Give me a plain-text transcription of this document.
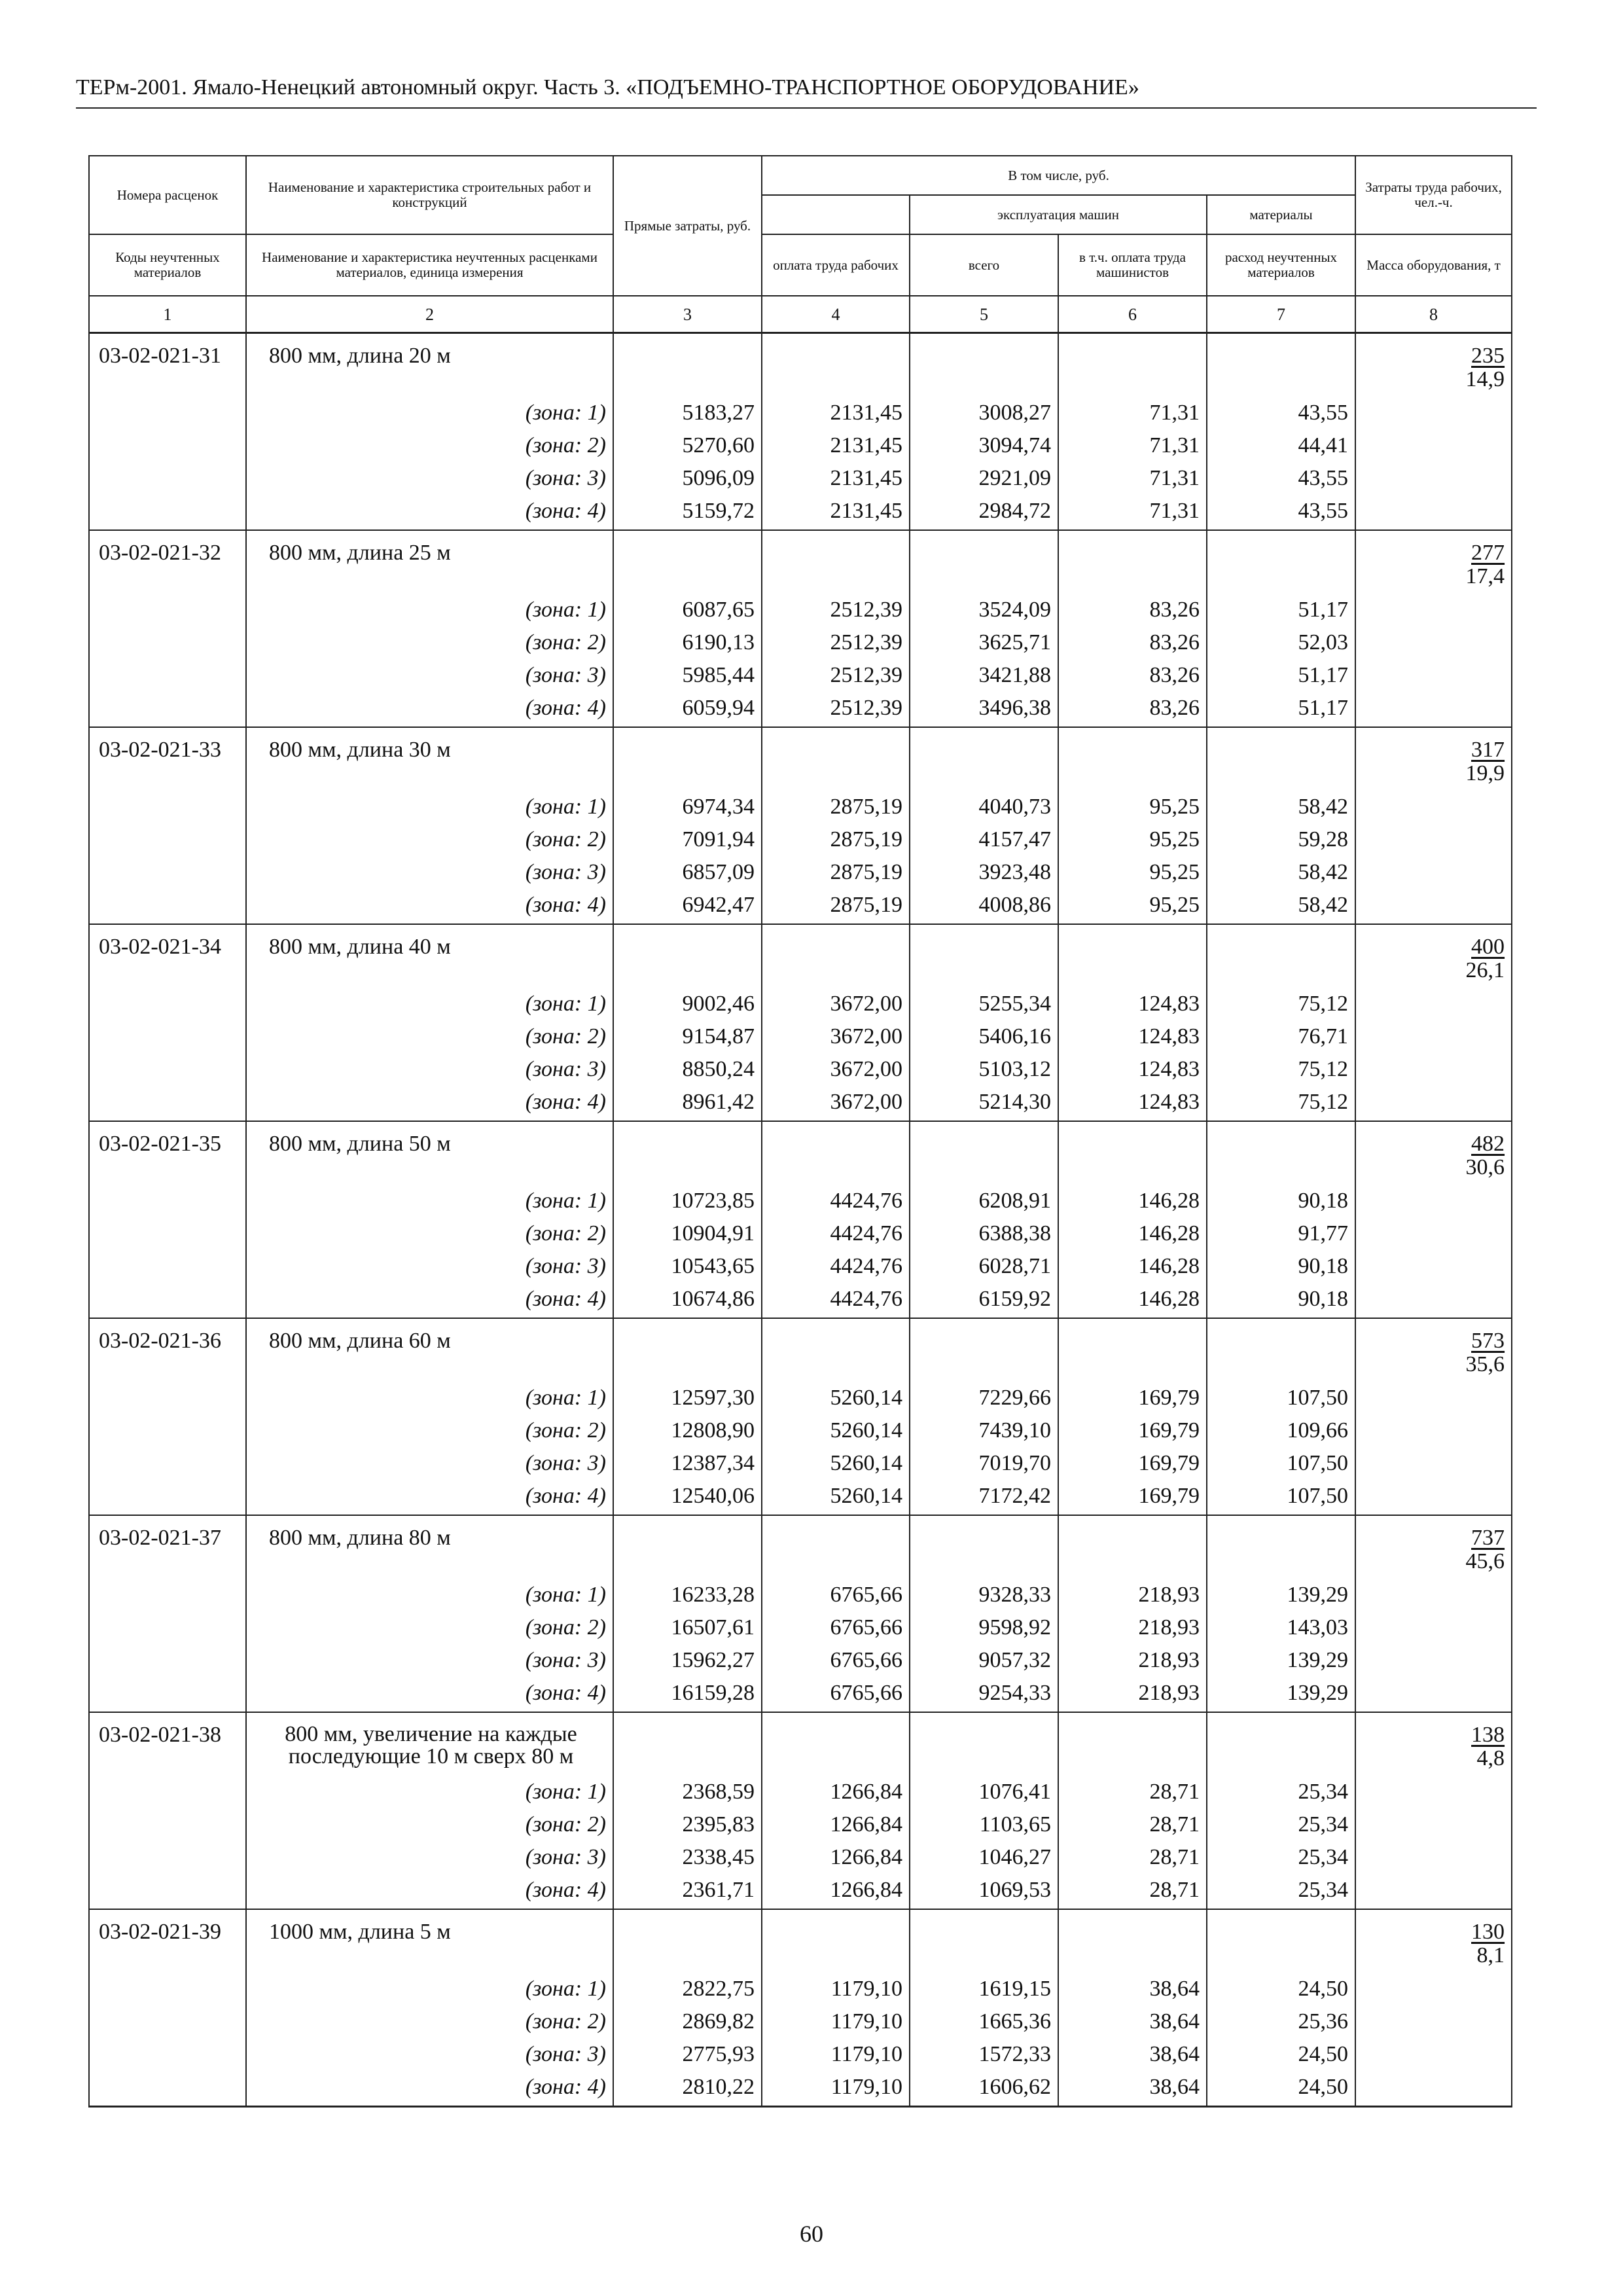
ТЕРм-2001. Ямало-Ненецкий автономный округ. Часть 3. «ПОДЪЕМНО-ТРАНСПОРТНОЕ ОБОРУДОВАНИЕ»
Номера расценок	Наименование и характеристика строительных работ и конструкций	Прямые затраты, руб.	В том числе, руб.				Затраты труда рабочих, чел.-ч.
				эксплуатация машин		материалы	
Коды неучтенных материалов	Наименование и характеристика неучтенных расценками материалов, единица измерения		оплата труда рабочих	всего	в т.ч. оплата труда машинистов	расход неучтенных материалов	Масса оборудования, т
1	2	3	4	5	6	7	8
03-02-021-31	800 мм, длина 20 м						235
14,9

	(зона: 1)	5183,27	2131,45	3008,27	71,31	43,55	
	(зона: 2)	5270,60	2131,45	3094,74	71,31	44,41	
	(зона: 3)	5096,09	2131,45	2921,09	71,31	43,55	
	(зона: 4)	5159,72	2131,45	2984,72	71,31	43,55	
03-02-021-32	800 мм, длина 25 м						277
17,4

	(зона: 1)	6087,65	2512,39	3524,09	83,26	51,17	
	(зона: 2)	6190,13	2512,39	3625,71	83,26	52,03	
	(зона: 3)	5985,44	2512,39	3421,88	83,26	51,17	
	(зона: 4)	6059,94	2512,39	3496,38	83,26	51,17	
03-02-021-33	800 мм, длина 30 м						317
19,9

	(зона: 1)	6974,34	2875,19	4040,73	95,25	58,42	
	(зона: 2)	7091,94	2875,19	4157,47	95,25	59,28	
	(зона: 3)	6857,09	2875,19	3923,48	95,25	58,42	
	(зона: 4)	6942,47	2875,19	4008,86	95,25	58,42	
03-02-021-34	800 мм, длина 40 м						400
26,1

	(зона: 1)	9002,46	3672,00	5255,34	124,83	75,12	
	(зона: 2)	9154,87	3672,00	5406,16	124,83	76,71	
	(зона: 3)	8850,24	3672,00	5103,12	124,83	75,12	
	(зона: 4)	8961,42	3672,00	5214,30	124,83	75,12	
03-02-021-35	800 мм, длина 50 м						482
30,6

	(зона: 1)	10723,85	4424,76	6208,91	146,28	90,18	
	(зона: 2)	10904,91	4424,76	6388,38	146,28	91,77	
	(зона: 3)	10543,65	4424,76	6028,71	146,28	90,18	
	(зона: 4)	10674,86	4424,76	6159,92	146,28	90,18	
03-02-021-36	800 мм, длина 60 м						573
35,6

	(зона: 1)	12597,30	5260,14	7229,66	169,79	107,50	
	(зона: 2)	12808,90	5260,14	7439,10	169,79	109,66	
	(зона: 3)	12387,34	5260,14	7019,70	169,79	107,50	
	(зона: 4)	12540,06	5260,14	7172,42	169,79	107,50	
03-02-021-37	800 мм, длина 80 м						737
45,6

	(зона: 1)	16233,28	6765,66	9328,33	218,93	139,29	
	(зона: 2)	16507,61	6765,66	9598,92	218,93	143,03	
	(зона: 3)	15962,27	6765,66	9057,32	218,93	139,29	
	(зона: 4)	16159,28	6765,66	9254,33	218,93	139,29	
03-02-021-38	800 мм, увеличение на каждые последующие 10 м сверх 80 м						138
4,8

	(зона: 1)	2368,59	1266,84	1076,41	28,71	25,34	
	(зона: 2)	2395,83	1266,84	1103,65	28,71	25,34	
	(зона: 3)	2338,45	1266,84	1046,27	28,71	25,34	
	(зона: 4)	2361,71	1266,84	1069,53	28,71	25,34	
03-02-021-39	1000 мм, длина 5 м						130
8,1

	(зона: 1)	2822,75	1179,10	1619,15	38,64	24,50	
	(зона: 2)	2869,82	1179,10	1665,36	38,64	25,36	
	(зона: 3)	2775,93	1179,10	1572,33	38,64	24,50	
	(зона: 4)	2810,22	1179,10	1606,62	38,64	24,50	
60
